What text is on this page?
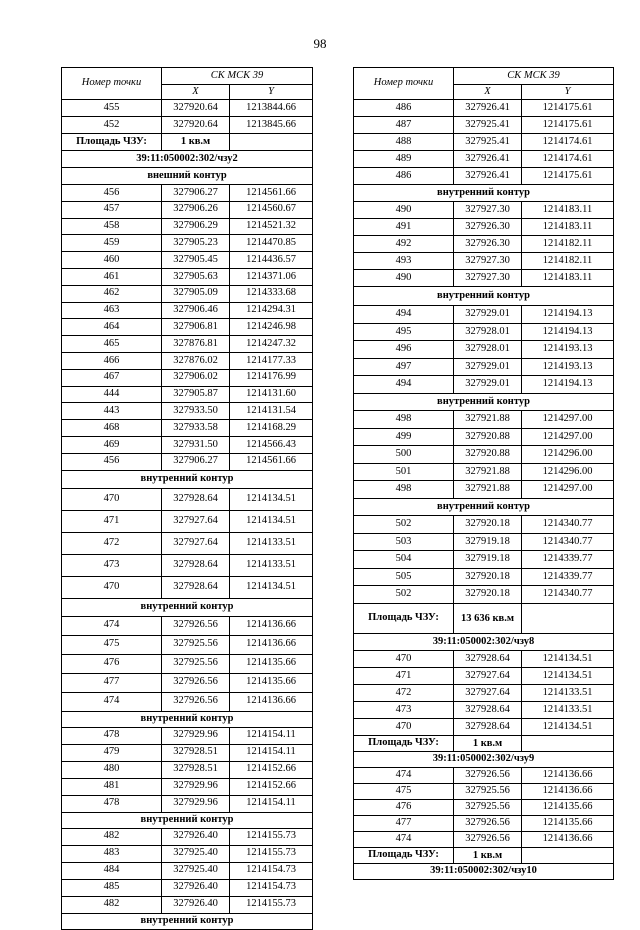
98
Номер точки	СК МСК 39	
	X	Y
455	327920.64	1213844.66
452	327920.64	1213845.66
Площадь ЧЗУ:	1 кв.м	
39:11:050002:302/чзу2		
внешний контур		
456	327906.27	1214561.66
457	327906.26	1214560.67
458	327906.29	1214521.32
459	327905.23	1214470.85
460	327905.45	1214436.57
461	327905.63	1214371.06
462	327905.09	1214333.68
463	327906.46	1214294.31
464	327906.81	1214246.98
465	327876.81	1214247.32
466	327876.02	1214177.33
467	327906.02	1214176.99
444	327905.87	1214131.60
443	327933.50	1214131.54
468	327933.58	1214168.29
469	327931.50	1214566.43
456	327906.27	1214561.66
внутренний контур		
470	327928.64	1214134.51
471	327927.64	1214134.51
472	327927.64	1214133.51
473	327928.64	1214133.51
470	327928.64	1214134.51
внутренний контур		
474	327926.56	1214136.66
475	327925.56	1214136.66
476	327925.56	1214135.66
477	327926.56	1214135.66
474	327926.56	1214136.66
внутренний контур		
478	327929.96	1214154.11
479	327928.51	1214154.11
480	327928.51	1214152.66
481	327929.96	1214152.66
478	327929.96	1214154.11
внутренний контур		
482	327926.40	1214155.73
483	327925.40	1214155.73
484	327925.40	1214154.73
485	327926.40	1214154.73
482	327926.40	1214155.73
внутренний контур		
Номер точки	СК МСК 39	
	X	Y
486	327926.41	1214175.61
487	327925.41	1214175.61
488	327925.41	1214174.61
489	327926.41	1214174.61
486	327926.41	1214175.61
внутренний контур		
490	327927.30	1214183.11
491	327926.30	1214183.11
492	327926.30	1214182.11
493	327927.30	1214182.11
490	327927.30	1214183.11
внутренний контур		
494	327929.01	1214194.13
495	327928.01	1214194.13
496	327928.01	1214193.13
497	327929.01	1214193.13
494	327929.01	1214194.13
внутренний контур		
498	327921.88	1214297.00
499	327920.88	1214297.00
500	327920.88	1214296.00
501	327921.88	1214296.00
498	327921.88	1214297.00
внутренний контур		
502	327920.18	1214340.77
503	327919.18	1214340.77
504	327919.18	1214339.77
505	327920.18	1214339.77
502	327920.18	1214340.77
Площадь ЧЗУ:	13 636 кв.м	
39:11:050002:302/чзу8		
470	327928.64	1214134.51
471	327927.64	1214134.51
472	327927.64	1214133.51
473	327928.64	1214133.51
470	327928.64	1214134.51
Площадь ЧЗУ:	1 кв.м	
39:11:050002:302/чзу9		
474	327926.56	1214136.66
475	327925.56	1214136.66
476	327925.56	1214135.66
477	327926.56	1214135.66
474	327926.56	1214136.66
Площадь ЧЗУ:	1 кв.м	
39:11:050002:302/чзу10		
